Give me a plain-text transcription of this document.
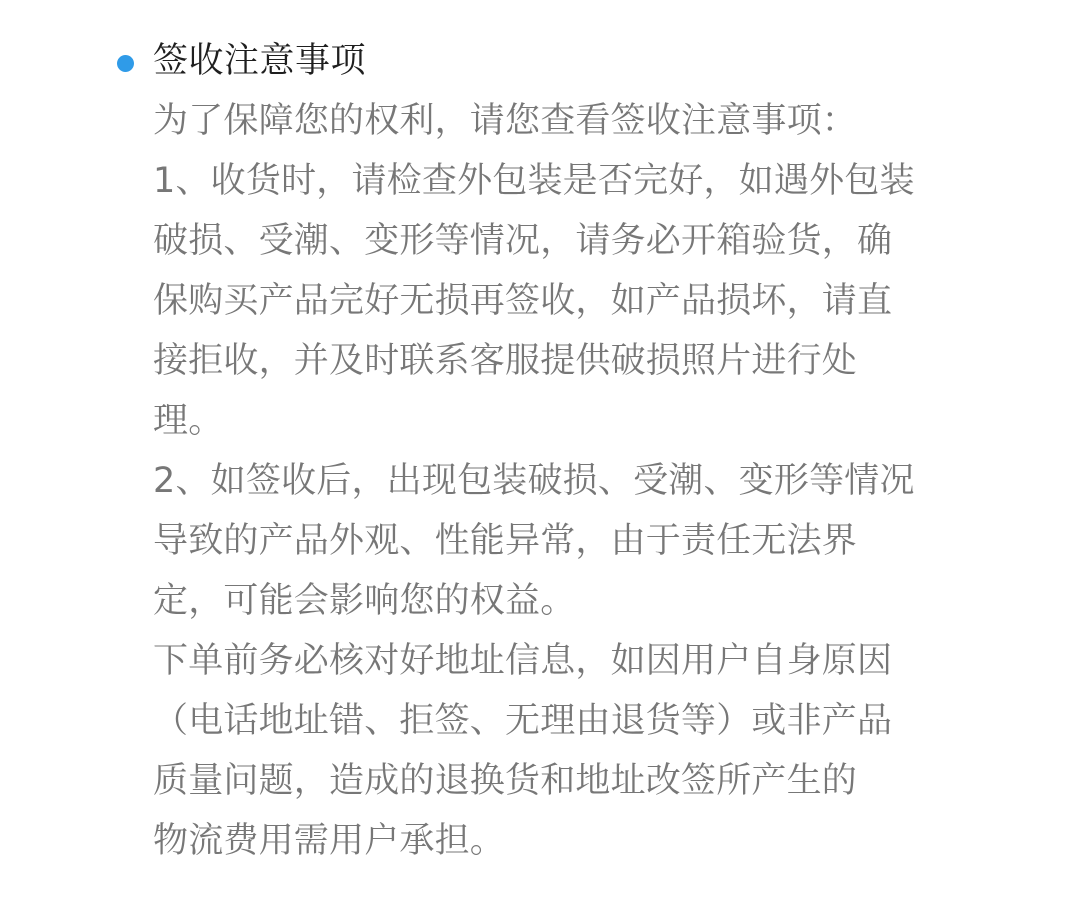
签收注意事项
为了保障您的权利，请您查看签收注意事项：
1、收货时，请检查外包装是否完好，如遇外包装
破损、受潮、变形等情况，请务必开箱验货，确
保购买产品完好无损再签收，如产品损坏，请直
接拒收，并及时联系客服提供破损照片进行处
理。
2、如签收后，出现包装破损、受潮、变形等情况
导致的产品外观、性能异常，由于责任无法界
定，可能会影响您的权益。
下单前务必核对好地址信息，如因用户自身原因
（电话地址错、拒签、无理由退货等）或非产品
质量问题，造成的退换货和地址改签所产生的
物流费用需用户承担。
